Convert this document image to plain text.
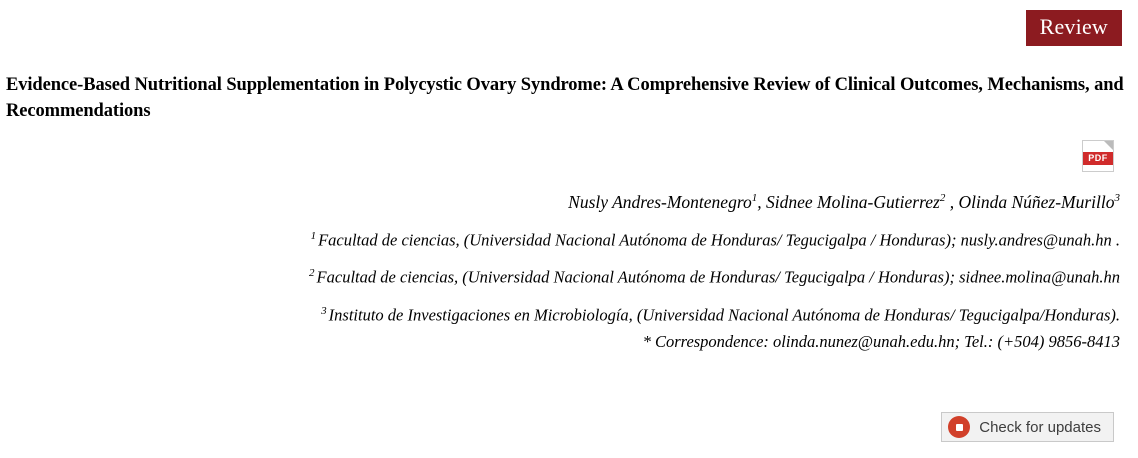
Review
Evidence-Based Nutritional Supplementation in Polycystic Ovary Syndrome: A Comprehensive Review of Clinical Outcomes, Mechanisms, and Recommendations
PDF
Nusly Andres-Montenegro$^1$, Sidnee Molina-Gutierrez$^2$ , Olinda Núñez-Murillo$^3$
$^1$ Facultad de ciencias, (Universidad Nacional Autónoma de Honduras/ Tegucigalpa / Honduras); nusly.andres@unah.hn .
$^2$ Facultad de ciencias, (Universidad Nacional Autónoma de Honduras/ Tegucigalpa / Honduras); sidnee.molina@unah.hn
$^3$ Instituto de Investigaciones en Microbiología, (Universidad Nacional Autónoma de Honduras/ Tegucigalpa/Honduras).
* Correspondence: olinda.nunez@unah.edu.hn; Tel.: (+504) 9856-8413
Check for updates
